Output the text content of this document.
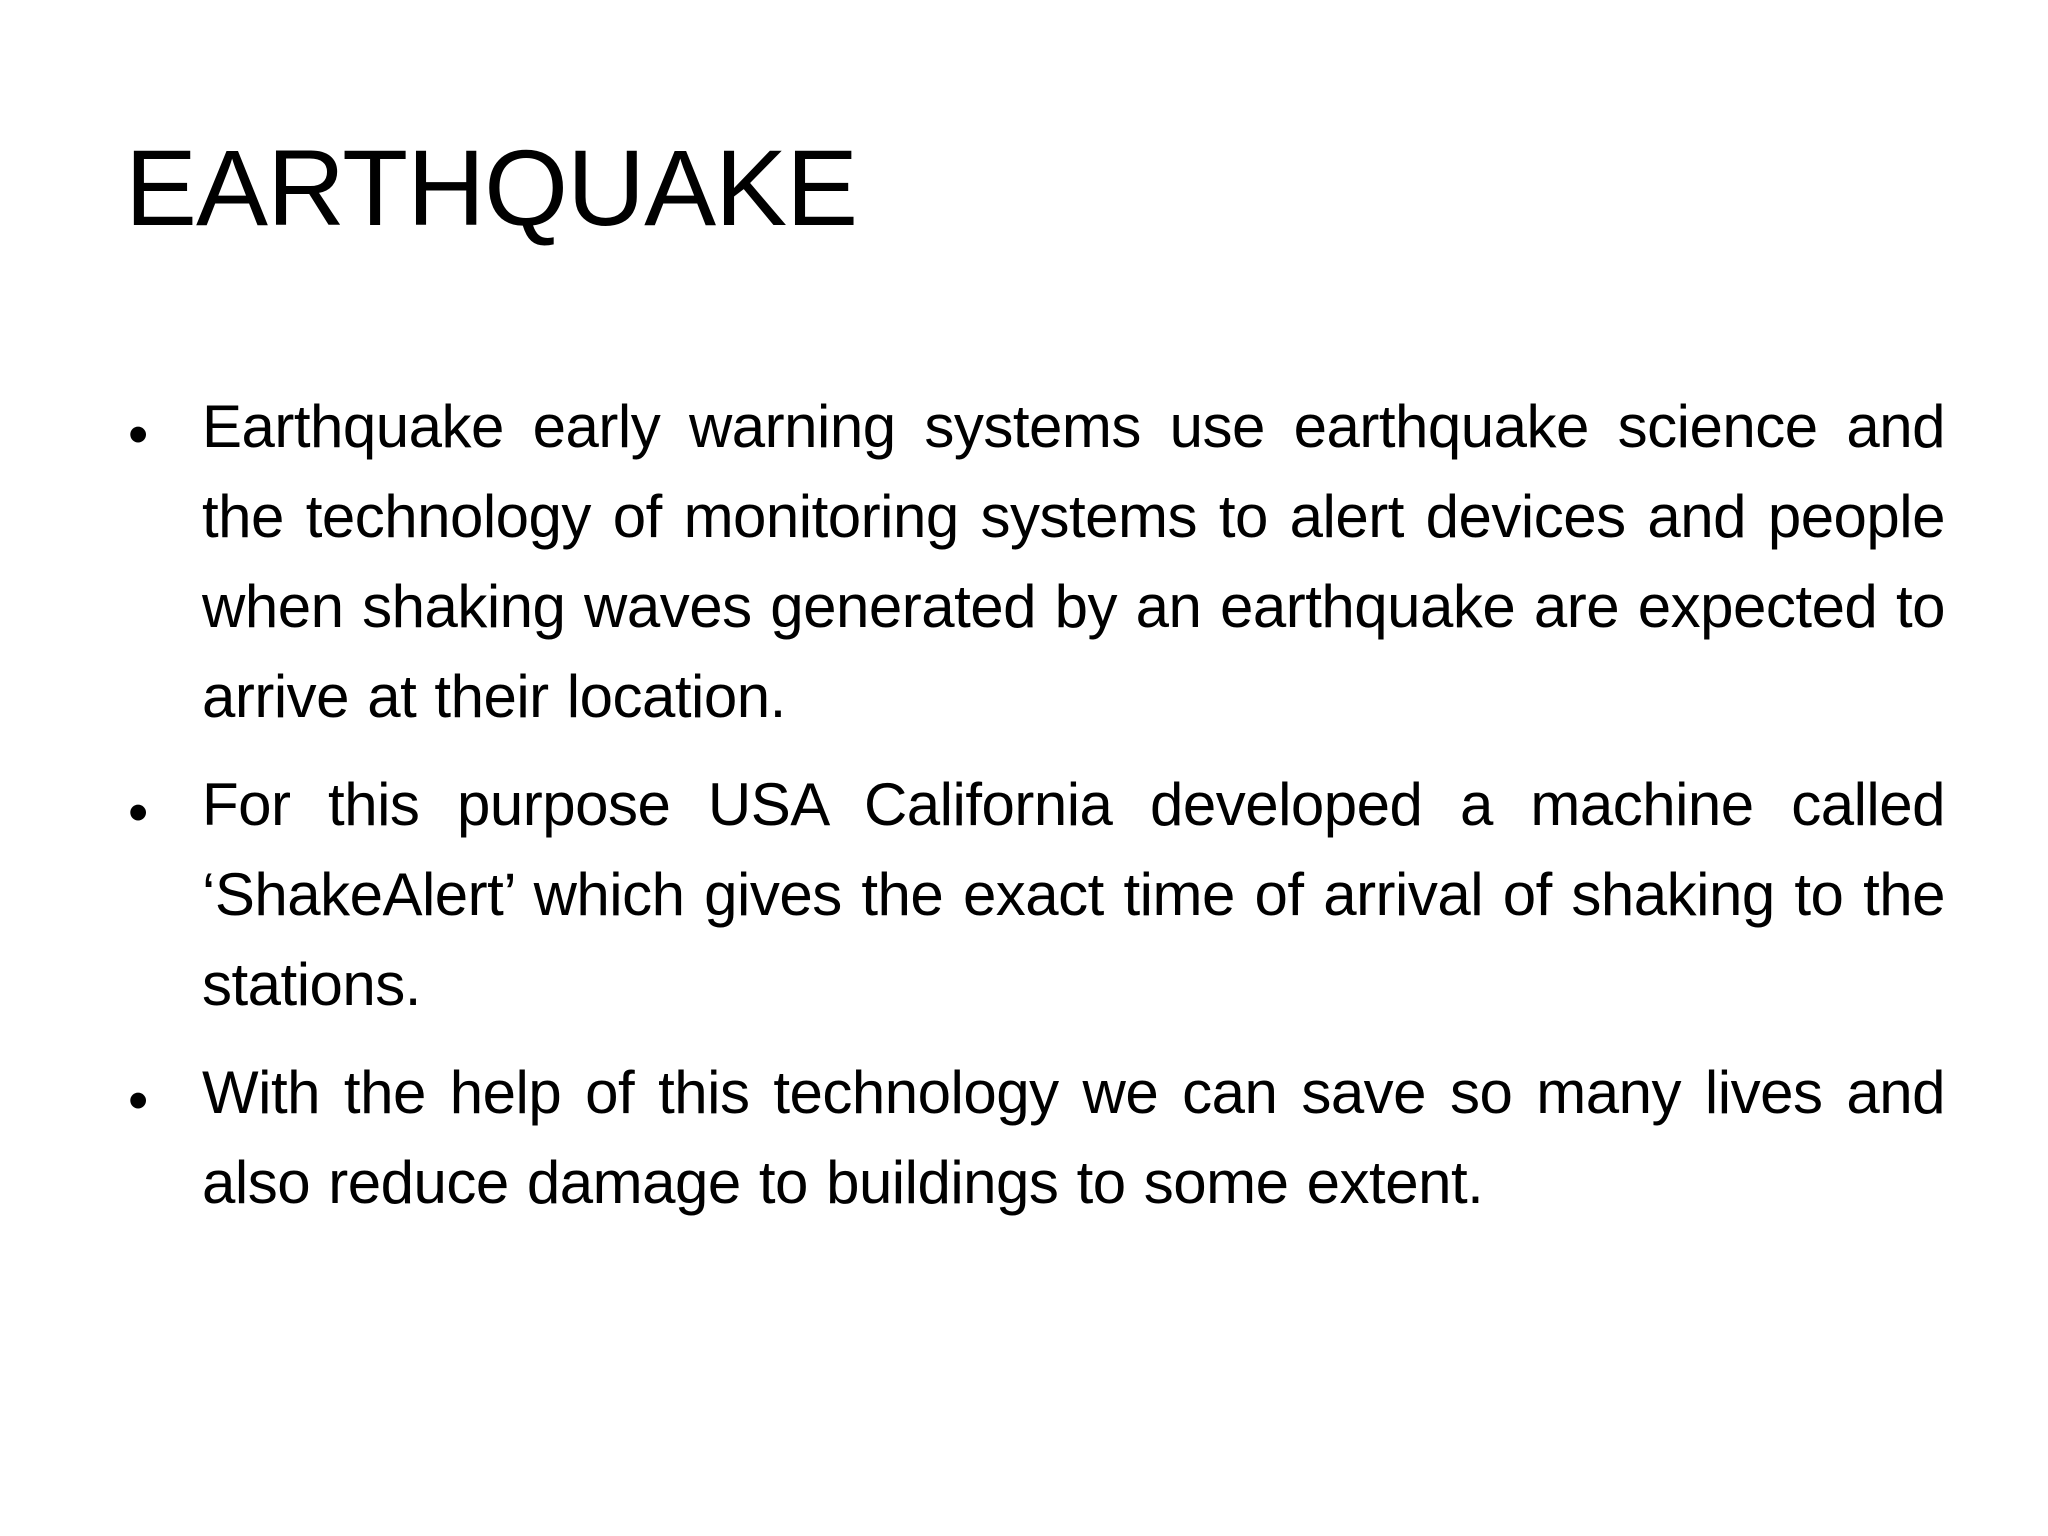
EARTHQUAKE
• Earthquake early warning systems use earthquake science and the technology of monitoring systems to alert devices and people when shaking waves generated by an earthquake are expected to arrive at their location.
• For this purpose USA California developed a machine called ‘ShakeAlert’ which gives the exact time of arrival of shaking to the stations.
• With the help of this technology we can save so many lives and also reduce damage to buildings to some extent.
